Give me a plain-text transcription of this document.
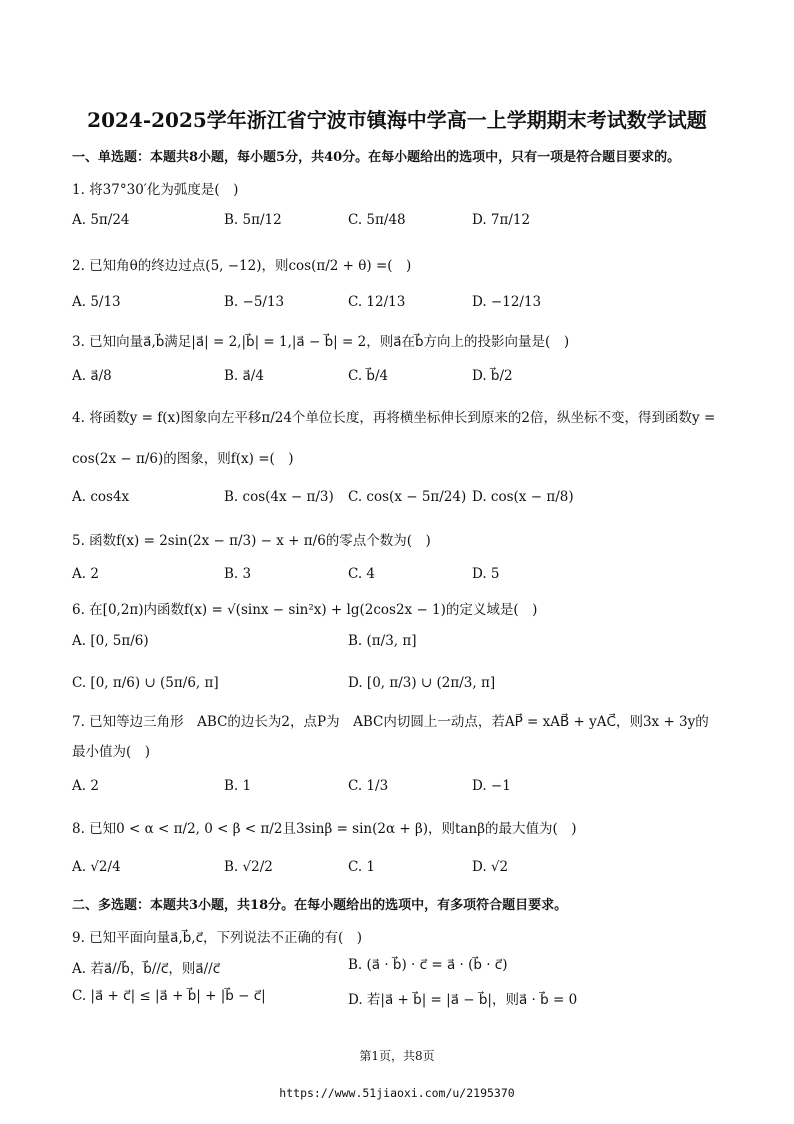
2024-2025学年浙江省宁波市镇海中学高一上学期期末考试数学试题
一、单选题：本题共8小题，每小题5分，共40分。在每小题给出的选项中，只有一项是符合题目要求的。
1. 将37°30′化为弧度是(　)
A. 5π/24	B. 5π/12	C. 5π/48	D. 7π/12
2. 已知角θ的终边过点(5, −12)，则cos(π/2 + θ) =(　)
A. 5/13	B. −5/13	C. 12/13	D. −12/13
3. 已知向量a⃗,b⃗满足|a⃗| = 2,|b⃗| = 1,|a⃗ − b⃗| = 2，则a⃗在b⃗方向上的投影向量是(　)
A. a⃗/8	B. a⃗/4	C. b⃗/4	D. b⃗/2
4. 将函数y = f(x)图象向左平移π/24个单位长度，再将横坐标伸长到原来的2倍，纵坐标不变，得到函数y =
cos(2x − π/6)的图象，则f(x) =(　)
A. cos4x	B. cos(4x − π/3) C. cos(x − 5π/24) D. cos(x − π/8)
5. 函数f(x) = 2sin(2x − π/3) − x + π/6的零点个数为(　)
A. 2	B. 3	C. 4	D. 5
6. 在[0,2π)内函数f(x) = √(sinx − sin²x) + lg(2cos2x − 1)的定义域是(　)
A. [0, 5π/6)	B. (π/3, π]
C. [0, π/6) ∪ (5π/6, π]	D. [0, π/3) ∪ (2π/3, π]
7. 已知等边三角形　ABC的边长为2，点P为　ABC内切圆上一动点，若AP⃗ = xAB⃗ + yAC⃗，则3x + 3y的
最小值为(　)
A. 2	B. 1	C. 1/3	D. −1
8. 已知0 < α < π/2, 0 < β < π/2且3sinβ = sin(2α + β)，则tanβ的最大值为(　)
A. √2/4	B. √2/2	C. 1	D. √2
二、多选题：本题共3小题，共18分。在每小题给出的选项中，有多项符合题目要求。
9. 已知平面向量a⃗,b⃗,c⃗，下列说法不正确的有(　)
A. 若a⃗//b⃗，b⃗//c⃗，则a⃗//c⃗	B. (a⃗ · b⃗) · c⃗ = a⃗ · (b⃗ · c⃗)
C. |a⃗ + c⃗| ≤ |a⃗ + b⃗| + |b⃗ − c⃗|	D. 若|a⃗ + b⃗| = |a⃗ − b⃗|，则a⃗ · b⃗ = 0
第1页，共8页
https://www.51jiaoxi.com/u/2195370
